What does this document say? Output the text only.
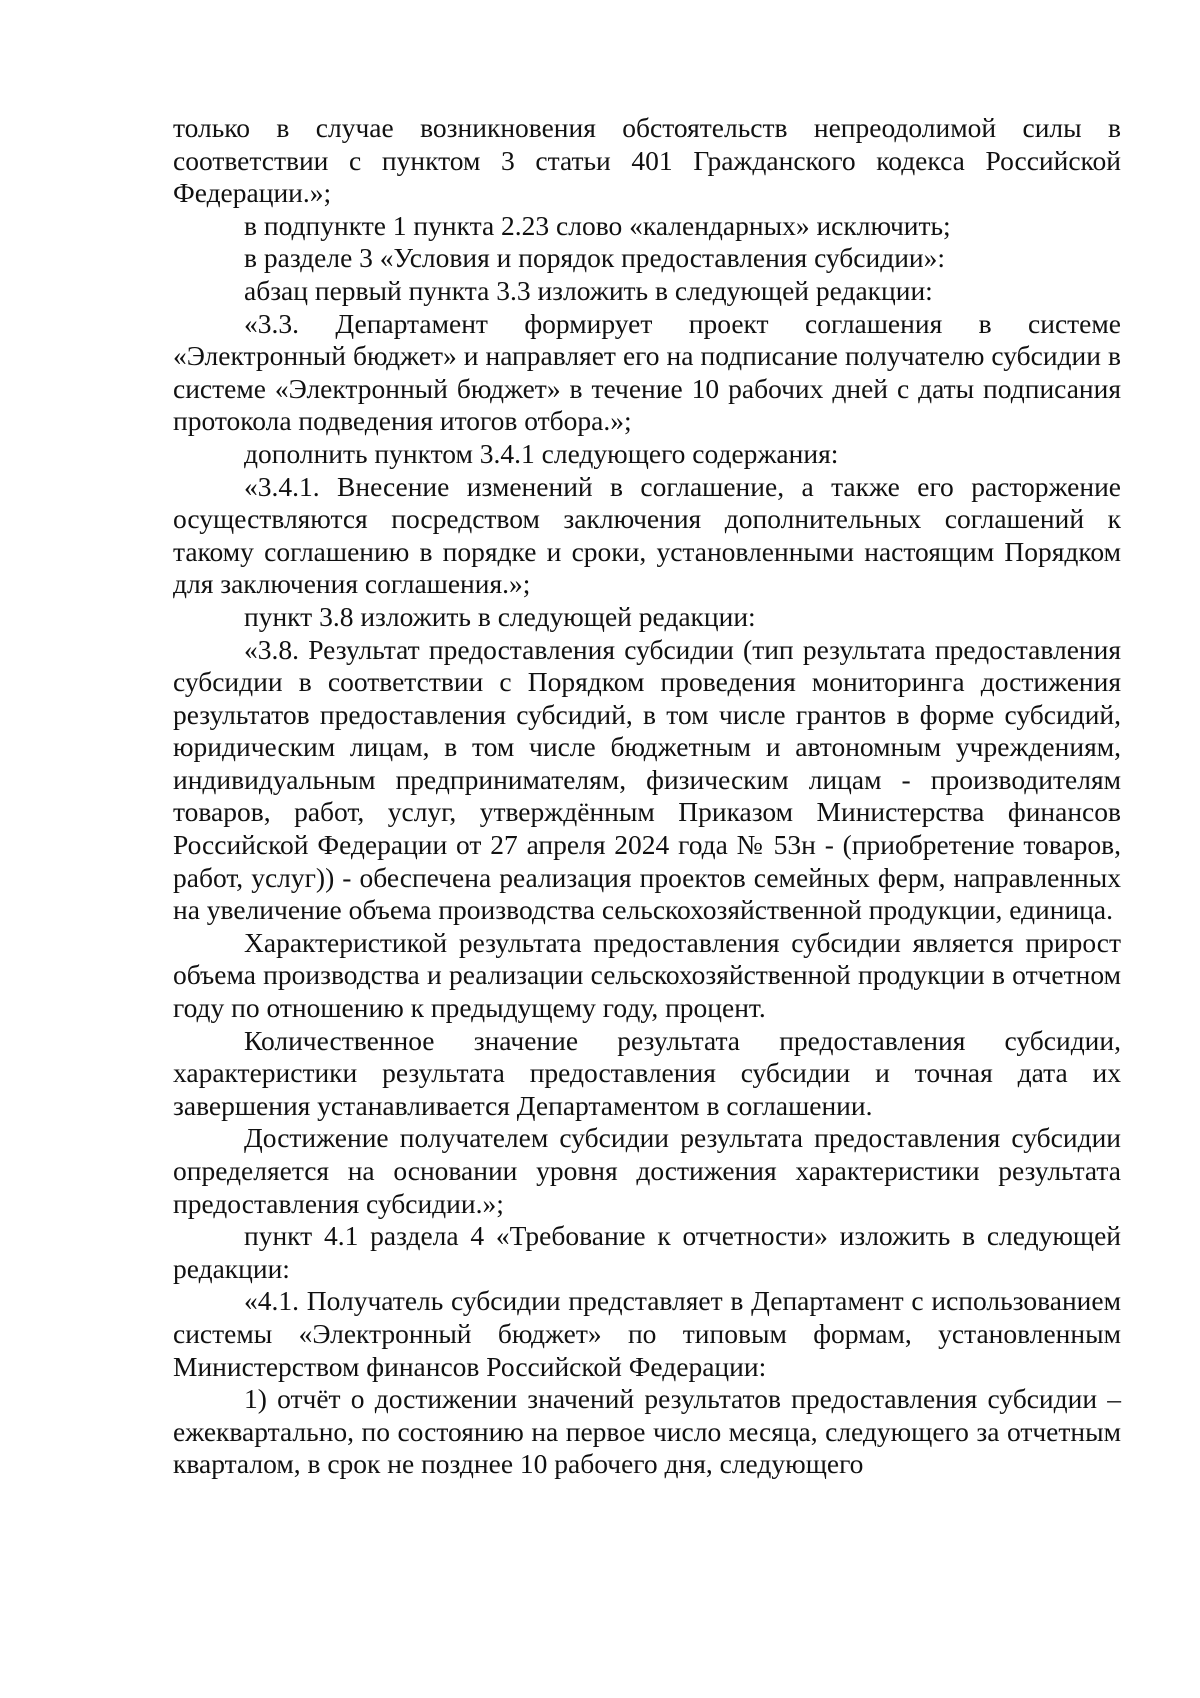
только в случае возникновения обстоятельств непреодолимой силы в соответствии с пунктом 3 статьи 401 Гражданского кодекса Российской Федерации.»;

в подпункте 1 пункта 2.23 слово «календарных» исключить;

в разделе 3 «Условия и порядок предоставления субсидии»:

абзац первый пункта 3.3 изложить в следующей редакции:

«3.3. Департамент формирует проект соглашения в системе «Электронный бюджет» и направляет его на подписание получателю субсидии в системе «Электронный бюджет» в течение 10 рабочих дней с даты подписания протокола подведения итогов отбора.»;

дополнить пунктом 3.4.1 следующего содержания:

«3.4.1. Внесение изменений в соглашение, а также его расторжение осуществляются посредством заключения дополнительных соглашений к такому соглашению в порядке и сроки, установленными настоящим Порядком для заключения соглашения.»;

пункт 3.8 изложить в следующей редакции:

«3.8. Результат предоставления субсидии (тип результата предоставления субсидии в соответствии с Порядком проведения мониторинга достижения результатов предоставления субсидий, в том числе грантов в форме субсидий, юридическим лицам, в том числе бюджетным и автономным учреждениям, индивидуальным предпринимателям, физическим лицам - производителям товаров, работ, услуг, утверждённым Приказом Министерства финансов Российской Федерации от 27 апреля 2024 года № 53н - (приобретение товаров, работ, услуг)) - обеспечена реализация проектов семейных ферм, направленных на увеличение объема производства сельскохозяйственной продукции, единица.

Характеристикой результата предоставления субсидии является прирост объема производства и реализации сельскохозяйственной продукции в отчетном году по отношению к предыдущему году, процент.

Количественное значение результата предоставления субсидии, характеристики результата предоставления субсидии и точная дата их завершения устанавливается Департаментом в соглашении.

Достижение получателем субсидии результата предоставления субсидии определяется на основании уровня достижения характеристики результата предоставления субсидии.»;

пункт 4.1 раздела 4 «Требование к отчетности» изложить в следующей редакции:

«4.1. Получатель субсидии представляет в Департамент с использованием системы «Электронный бюджет» по типовым формам, установленным Министерством финансов Российской Федерации:

1) отчёт о достижении значений результатов предоставления субсидии – ежеквартально, по состоянию на первое число месяца, следующего за отчетным кварталом, в срок не позднее 10 рабочего дня, следующего
